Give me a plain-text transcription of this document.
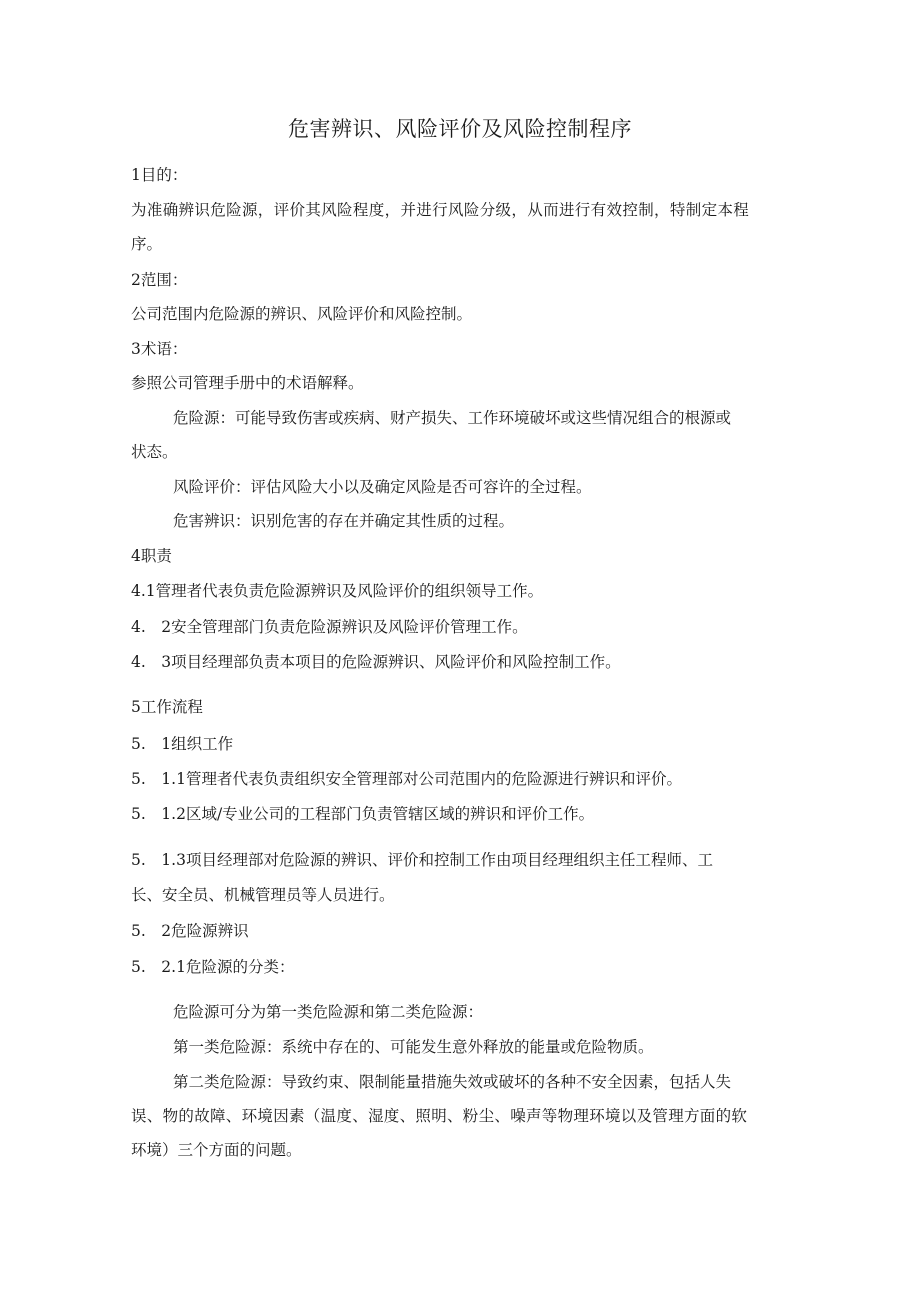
危害辨识、风险评价及风险控制程序
1目的：
为准确辨识危险源，评价其风险程度，并进行风险分级，从而进行有效控制，特制定本程
序。
2范围：
公司范围内危险源的辨识、风险评价和风险控制。
3术语：
参照公司管理手册中的术语解释。
危险源：可能导致伤害或疾病、财产损失、工作环境破坏或这些情况组合的根源或
状态。
风险评价：评估风险大小以及确定风险是否可容许的全过程。
危害辨识：识别危害的存在并确定其性质的过程。
4职责
4.1管理者代表负责危险源辨识及风险评价的组织领导工作。
4.　2安全管理部门负责危险源辨识及风险评价管理工作。
4.　3项目经理部负责本项目的危险源辨识、风险评价和风险控制工作。
5工作流程
5.　1组织工作
5.　1.1管理者代表负责组织安全管理部对公司范围内的危险源进行辨识和评价。
5.　1.2区域/专业公司的工程部门负责管辖区域的辨识和评价工作。
5.　1.3项目经理部对危险源的辨识、评价和控制工作由项目经理组织主任工程师、工
长、安全员、机械管理员等人员进行。
5.　2危险源辨识
5.　2.1危险源的分类：
危险源可分为第一类危险源和第二类危险源：
第一类危险源：系统中存在的、可能发生意外释放的能量或危险物质。
第二类危险源：导致约束、限制能量措施失效或破坏的各种不安全因素，包括人失
误、物的故障、环境因素（温度、湿度、照明、粉尘、噪声等物理环境以及管理方面的软
环境）三个方面的问题。
